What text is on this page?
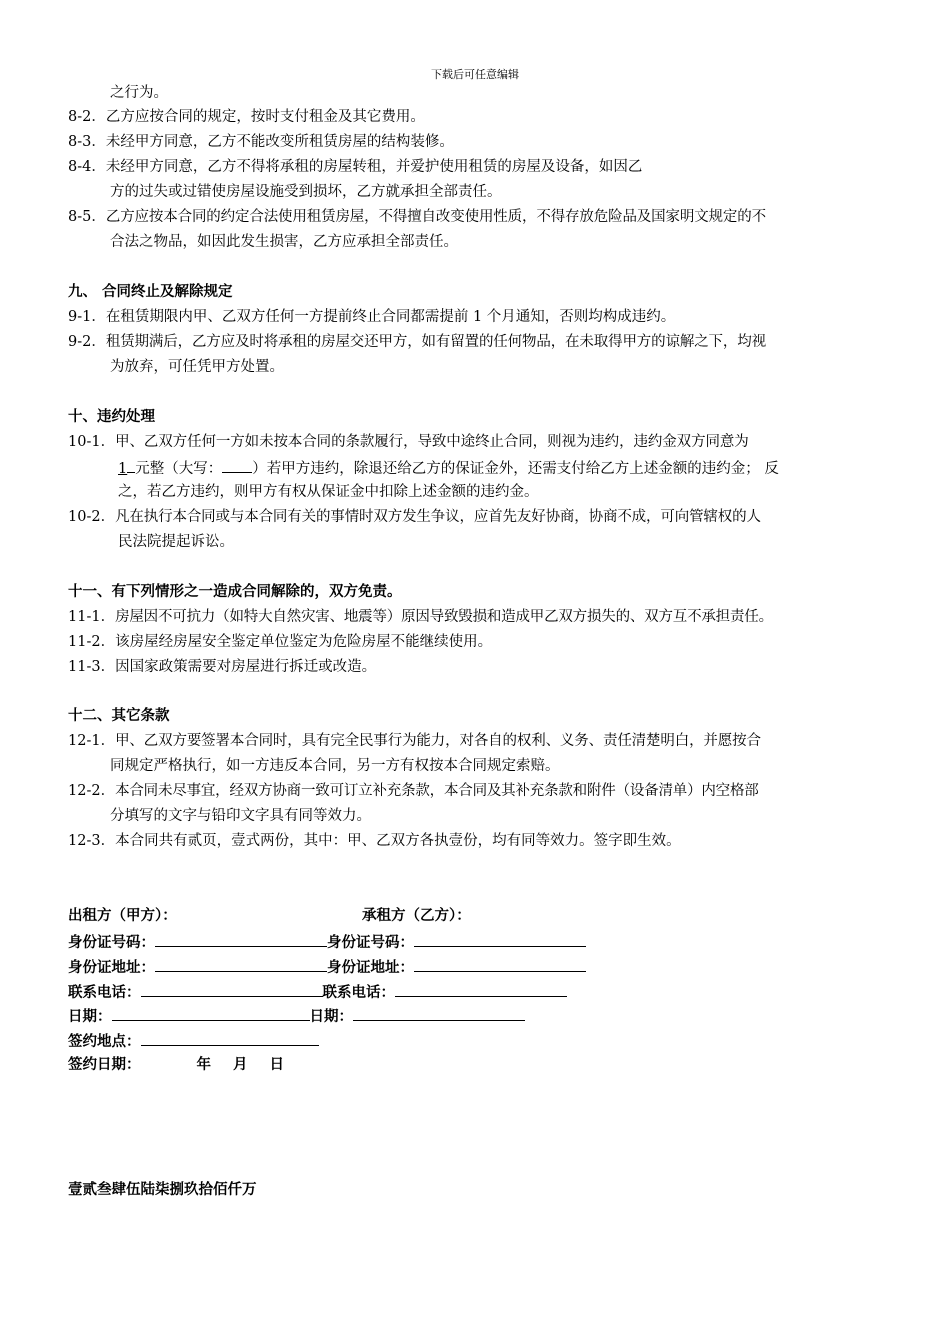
下载后可任意编辑
之行为。
8-2．乙方应按合同的规定，按时支付租金及其它费用。
8-3．未经甲方同意，乙方不能改变所租赁房屋的结构装修。
8-4．未经甲方同意，乙方不得将承租的房屋转租，并爱护使用租赁的房屋及设备，如因乙
方的过失或过错使房屋设施受到损坏，乙方就承担全部责任。
8-5．乙方应按本合同的约定合法使用租赁房屋，不得擅自改变使用性质，不得存放危险品及国家明文规定的不
合法之物品，如因此发生损害，乙方应承担全部责任。
九、 合同终止及解除规定
9-1．在租赁期限内甲、乙双方任何一方提前终止合同都需提前 1 个月通知，否则均构成违约。
9-2．租赁期满后，乙方应及时将承租的房屋交还甲方，如有留置的任何物品，在未取得甲方的谅解之下，均视
为放弃，可任凭甲方处置。
十、违约处理
10-1．甲、乙双方任何一方如未按本合同的条款履行，导致中途终止合同，则视为违约，违约金双方同意为
1 元整（大写： ）若甲方违约，除退还给乙方的保证金外，还需支付给乙方上述金额的违约金； 反
之，若乙方违约，则甲方有权从保证金中扣除上述金额的违约金。
10-2．凡在执行本合同或与本合同有关的事情时双方发生争议，应首先友好协商，协商不成，可向管辖权的人
民法院提起诉讼。
十一、有下列情形之一造成合同解除的，双方免责。
11-1．房屋因不可抗力（如特大自然灾害、地震等）原因导致毁损和造成甲乙双方损失的、双方互不承担责任。
11-2．该房屋经房屋安全鉴定单位鉴定为危险房屋不能继续使用。
11-3．因国家政策需要对房屋进行拆迁或改造。
十二、其它条款
12-1．甲、乙双方要签署本合同时，具有完全民事行为能力，对各自的权利、义务、责任清楚明白，并愿按合
同规定严格执行，如一方违反本合同，另一方有权按本合同规定索赔。
12-2．本合同未尽事宜，经双方协商一致可订立补充条款，本合同及其补充条款和附件（设备清单）内空格部
分填写的文字与铅印文字具有同等效力。
12-3．本合同共有贰页，壹式两份，其中：甲、乙双方各执壹份，均有同等效力。签字即生效。
出租方（甲方）：	承租方（乙方）：
身份证号码：	身份证号码：
身份证地址：	身份证地址：
联系电话：	联系电话：
日期：	日期：
签约地点：
签约日期：	年 月 日
壹贰叁肆伍陆柒捌玖拾佰仟万
